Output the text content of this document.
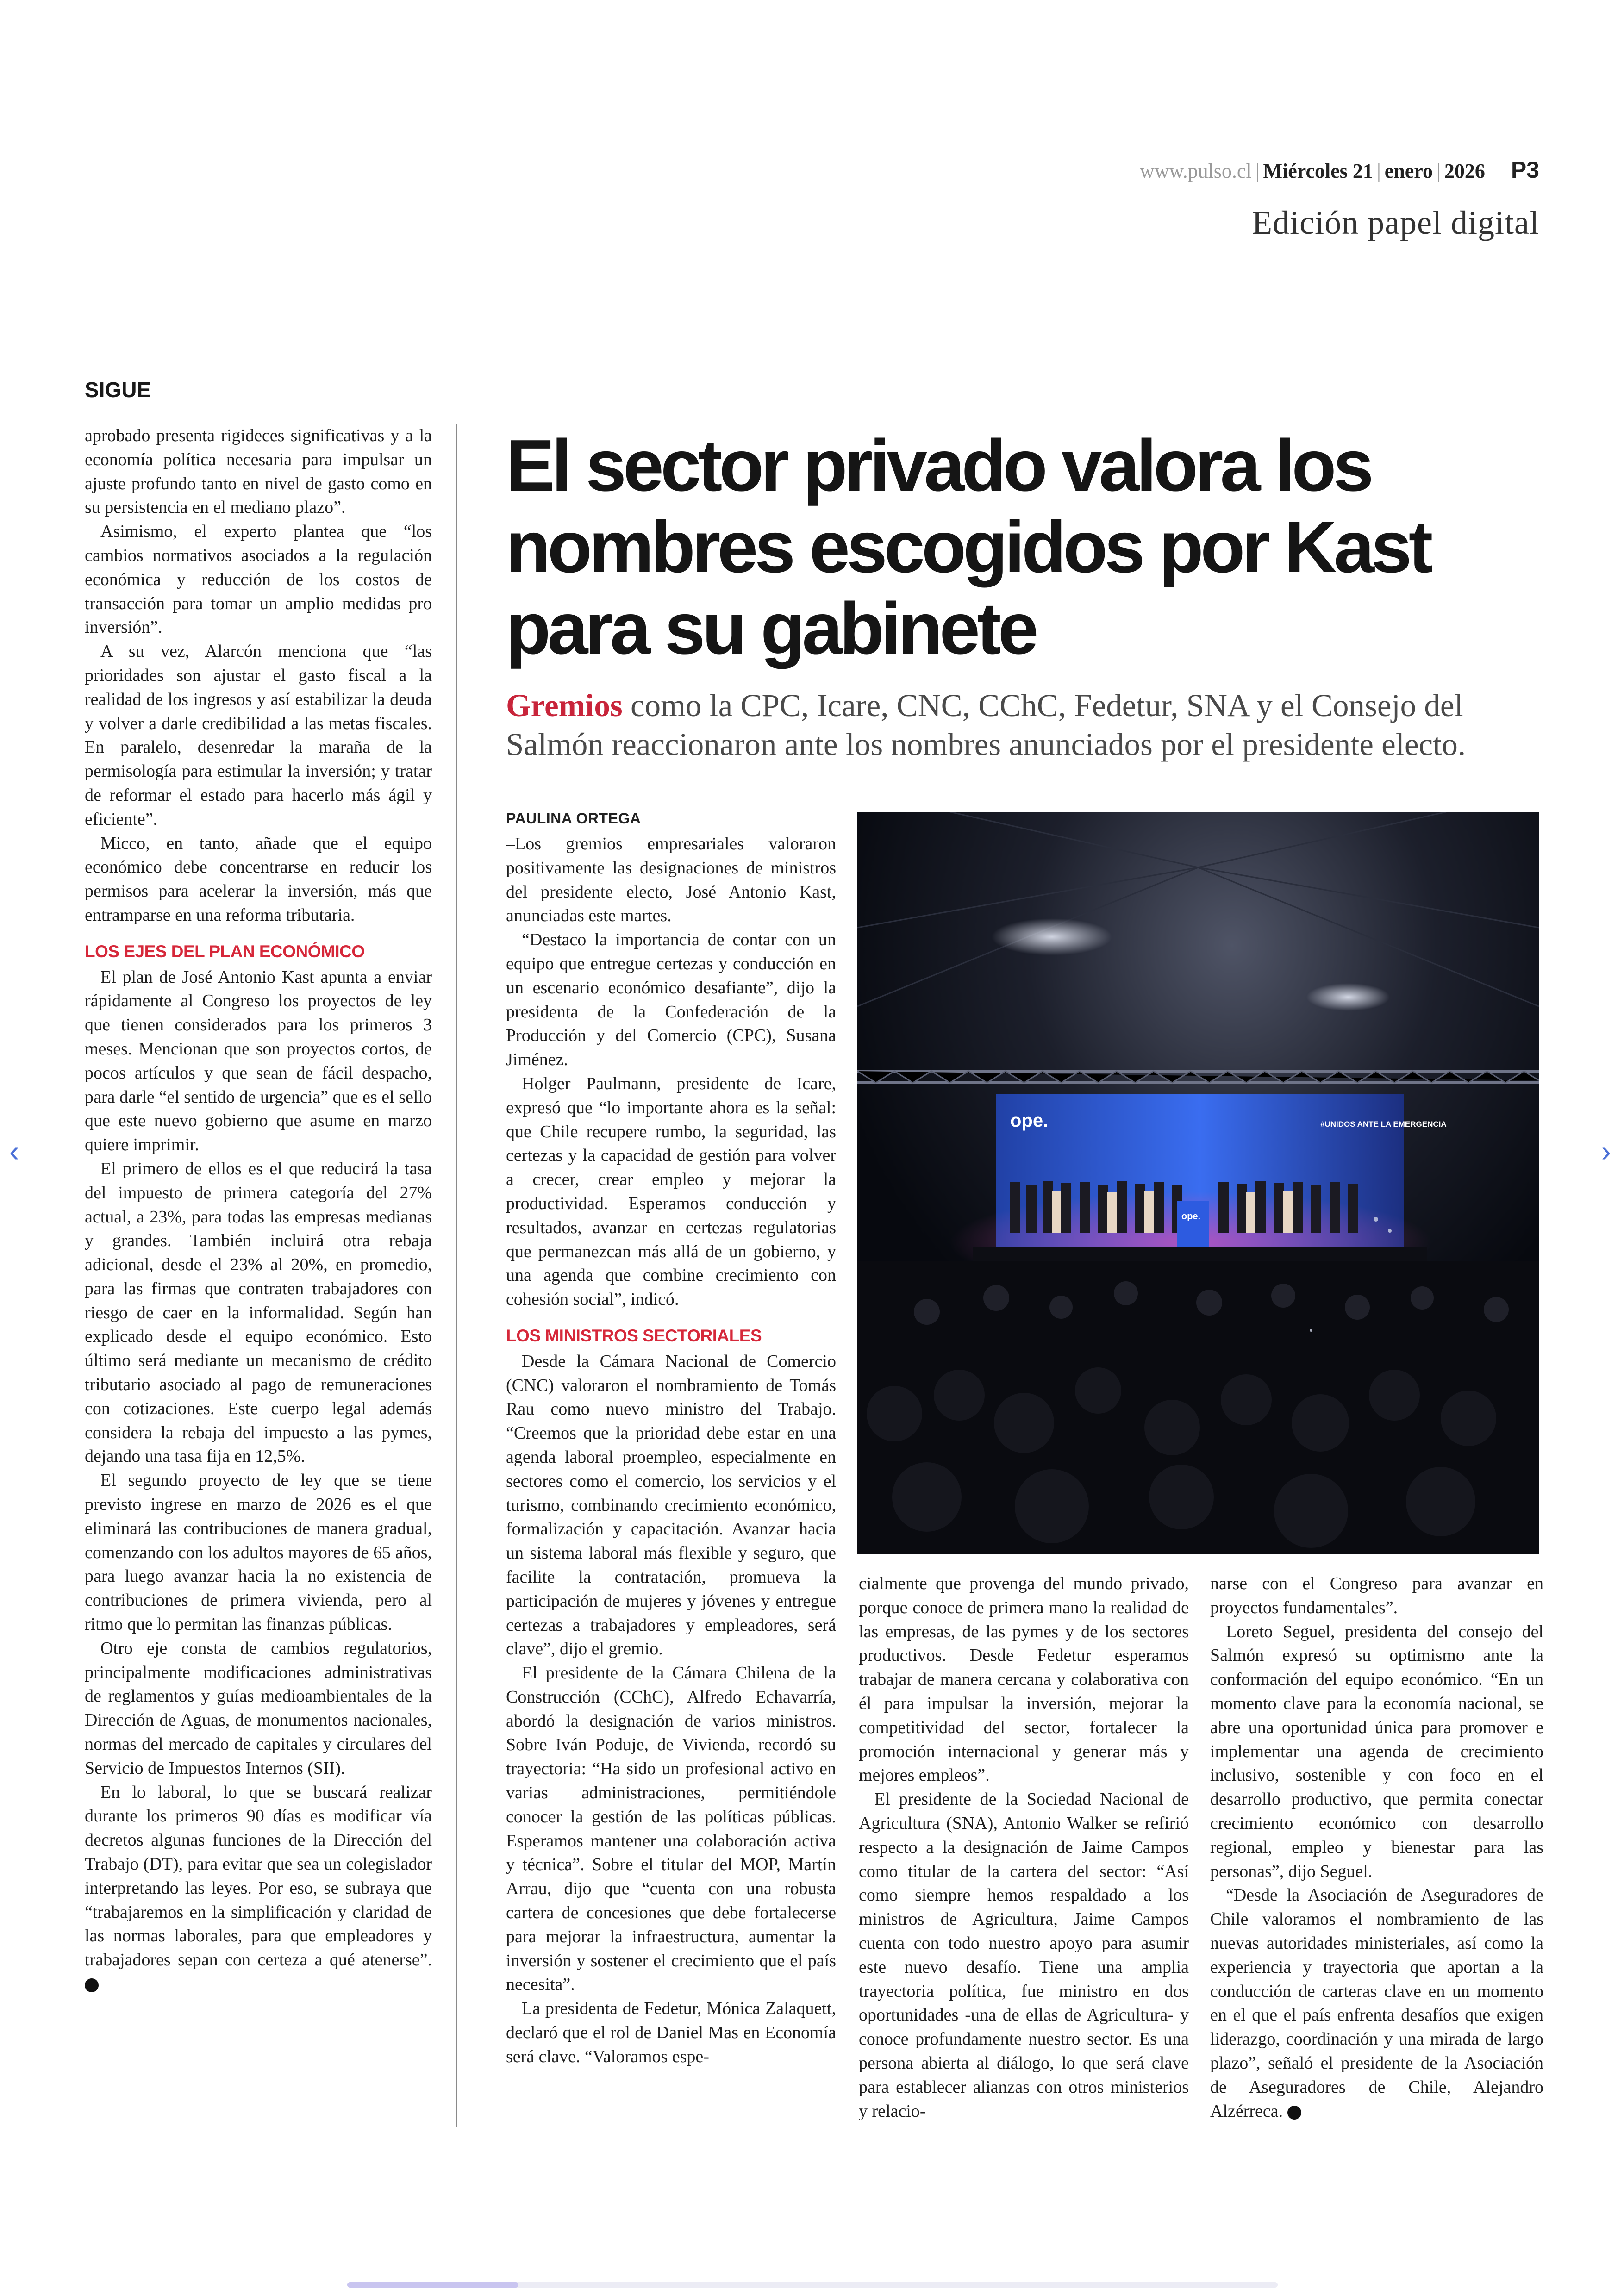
www.pulso.cl | Miércoles 21 | enero | 2026 P3
Edición papel digital
SIGUE

aprobado presenta rigideces significativas y a la economía política necesaria para impulsar un ajuste profundo tanto en nivel de gasto como en su persistencia en el mediano plazo”.

Asimismo, el experto plantea que “los cambios normativos asociados a la regulación económica y reducción de los costos de transacción para tomar un amplio medidas pro inversión”.

A su vez, Alarcón menciona que “las prioridades son ajustar el gasto fiscal a la realidad de los ingresos y así estabilizar la deuda y volver a darle credibilidad a las metas fiscales. En paralelo, desenredar la maraña de la permisología para estimular la inversión; y tratar de reformar el estado para hacerlo más ágil y eficiente”.

Micco, en tanto, añade que el equipo económico debe concentrarse en reducir los permisos para acelerar la inversión, más que entramparse en una reforma tributaria.

LOS EJES DEL PLAN ECONÓMICO

El plan de José Antonio Kast apunta a enviar rápidamente al Congreso los proyectos de ley que tienen considerados para los primeros 3 meses. Mencionan que son proyectos cortos, de pocos artículos y que sean de fácil despacho, para darle “el sentido de urgencia” que es el sello que este nuevo gobierno que asume en marzo quiere imprimir.

El primero de ellos es el que reducirá la tasa del impuesto de primera categoría del 27% actual, a 23%, para todas las empresas medianas y grandes. También incluirá otra rebaja adicional, desde el 23% al 20%, en promedio, para las firmas que contraten trabajadores con riesgo de caer en la informalidad. Según han explicado desde el equipo económico. Esto último será mediante un mecanismo de crédito tributario asociado al pago de remuneraciones con cotizaciones. Este cuerpo legal además considera la rebaja del impuesto a las pymes, dejando una tasa fija en 12,5%.

El segundo proyecto de ley que se tiene previsto ingrese en marzo de 2026 es el que eliminará las contribuciones de manera gradual, comenzando con los adultos mayores de 65 años, para luego avanzar hacia la no existencia de contribuciones de primera vivienda, pero al ritmo que lo permitan las finanzas públicas.

Otro eje consta de cambios regulatorios, principalmente modificaciones administrativas de reglamentos y guías medioambientales de la Dirección de Aguas, de monumentos nacionales, normas del mercado de capitales y circulares del Servicio de Impuestos Internos (SII).

En lo laboral, lo que se buscará realizar durante los primeros 90 días es modificar vía decretos algunas funciones de la Dirección del Trabajo (DT), para evitar que sea un colegislador interpretando las leyes. Por eso, se subraya que “trabajaremos en la simplificación y claridad de las normas laborales, para que empleadores y trabajadores sepan con certeza a qué atenerse”. P

El sector privado valora los nombres escogidos por Kast para su gabinete
Gremios como la CPC, Icare, CNC, CChC, Fedetur, SNA y el Consejo del Salmón reaccionaron ante los nombres anunciados por el presidente electo.
PAULINA ORTEGA

–Los gremios empresariales valoraron positivamente las designaciones de ministros del presidente electo, José Antonio Kast, anunciadas este martes.

“Destaco la importancia de contar con un equipo que entregue certezas y conducción en un escenario económico desafiante”, dijo la presidenta de la Confederación de la Producción y del Comercio (CPC), Susana Jiménez.

Holger Paulmann, presidente de Icare, expresó que “lo importante ahora es la señal: que Chile recupere rumbo, la seguridad, las certezas y la capacidad de gestión para volver a crecer, crear empleo y mejorar la productividad. Esperamos conducción y resultados, avanzar en certezas regulatorias que permanezcan más allá de un gobierno, y una agenda que combine crecimiento con cohesión social”, indicó.

LOS MINISTROS SECTORIALES

Desde la Cámara Nacional de Comercio (CNC) valoraron el nombramiento de Tomás Rau como nuevo ministro del Trabajo. “Creemos que la prioridad debe estar en una agenda laboral proempleo, especialmente en sectores como el comercio, los servicios y el turismo, combinando crecimiento económico, formalización y capacitación. Avanzar hacia un sistema laboral más flexible y seguro, que facilite la contratación, promueva la participación de mujeres y jóvenes y entregue certezas a trabajadores y empleadores, será clave”, dijo el gremio.

El presidente de la Cámara Chilena de la Construcción (CChC), Alfredo Echavarría, abordó la designación de varios ministros. Sobre Iván Poduje, de Vivienda, recordó su trayectoria: “Ha sido un profesional activo en varias administraciones, permitiéndole conocer la gestión de las políticas públicas. Esperamos mantener una colaboración activa y técnica”. Sobre el titular del MOP, Martín Arrau, dijo que “cuenta con una robusta cartera de concesiones que debe fortalecerse para mejorar la infraestructura, aumentar la inversión y sostener el crecimiento que el país necesita”.

La presidenta de Fedetur, Mónica Zalaquett, declaró que el rol de Daniel Mas en Economía será clave. “Valoramos espe-

ope.	#UNIDOS ANTE LA EMERGENCIA
ope.

cialmente que provenga del mundo privado, porque conoce de primera mano la realidad de las empresas, de las pymes y de los sectores productivos. Desde Fedetur esperamos trabajar de manera cercana y colaborativa con él para impulsar la inversión, mejorar la competitividad del sector, fortalecer la promoción internacional y generar más y mejores empleos”.

El presidente de la Sociedad Nacional de Agricultura (SNA), Antonio Walker se refirió respecto a la designación de Jaime Campos como titular de la cartera del sector: “Así como siempre hemos respaldado a los ministros de Agricultura, Jaime Campos cuenta con todo nuestro apoyo para asumir este nuevo desafío. Tiene una amplia trayectoria política, fue ministro en dos oportunidades -una de ellas de Agricultura- y conoce profundamente nuestro sector. Es una persona abierta al diálogo, lo que será clave para establecer alianzas con otros ministerios y relacio-

narse con el Congreso para avanzar en proyectos fundamentales”.

Loreto Seguel, presidenta del consejo del Salmón expresó su optimismo ante la conformación del equipo económico. “En un momento clave para la economía nacional, se abre una oportunidad única para promover e implementar una agenda de crecimiento inclusivo, sostenible y con foco en el desarrollo productivo, que permita conectar crecimiento económico con desarrollo regional, empleo y bienestar para las personas”, dijo Seguel.

“Desde la Asociación de Aseguradores de Chile valoramos el nombramiento de las nuevas autoridades ministeriales, así como la experiencia y trayectoria que aportan a la conducción de carteras clave en un momento en el que el país enfrenta desafíos que exigen liderazgo, coordinación y una mirada de largo plazo”, señaló el presidente de la Asociación de Aseguradores de Chile, Alejandro Alzérreca. P

‹	›
